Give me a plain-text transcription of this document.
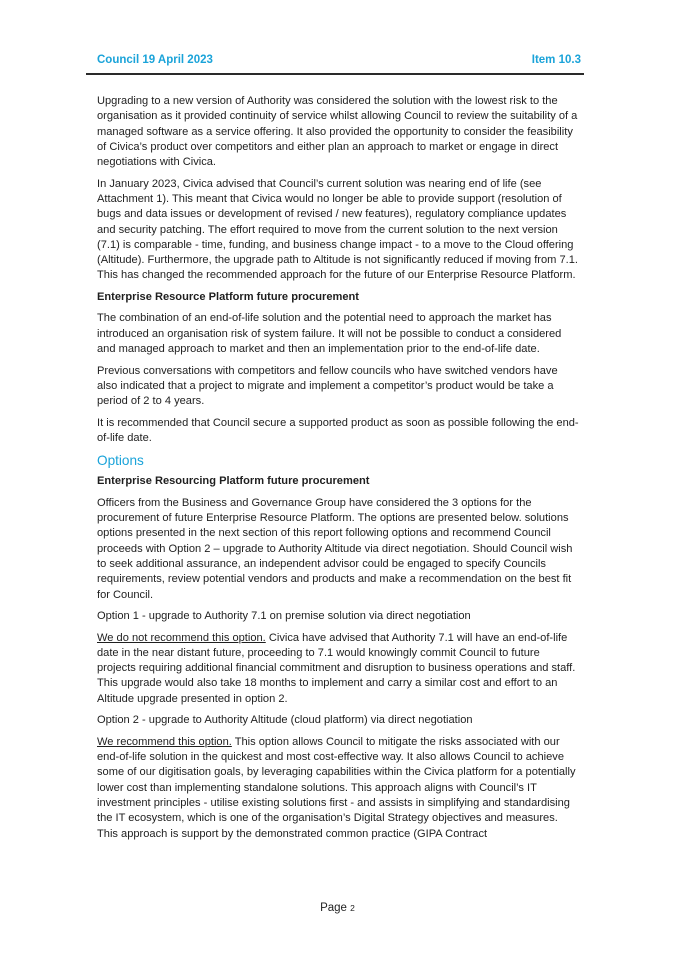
Council 19 April 2023	Item 10.3

Upgrading to a new version of Authority was considered the solution with the lowest risk to the organisation as it provided continuity of service whilst allowing Council to review the suitability of a managed software as a service offering. It also provided the opportunity to consider the feasibility of Civica’s product over competitors and either plan an approach to market or engage in direct negotiations with Civica.

In January 2023, Civica advised that Council’s current solution was nearing end of life (see Attachment 1). This meant that Civica would no longer be able to provide support (resolution of bugs and data issues or development of revised / new features), regulatory compliance updates and security patching. The effort required to move from the current solution to the next version (7.1) is comparable - time, funding, and business change impact - to a move to the Cloud offering (Altitude). Furthermore, the upgrade path to Altitude is not significantly reduced if moving from 7.1. This has changed the recommended approach for the future of our Enterprise Resource Platform.

Enterprise Resource Platform future procurement

The combination of an end-of-life solution and the potential need to approach the market has introduced an organisation risk of system failure. It will not be possible to conduct a considered and managed approach to market and then an implementation prior to the end-of-life date.

Previous conversations with competitors and fellow councils who have switched vendors have also indicated that a project to migrate and implement a competitor’s product would be take a period of 2 to 4 years.

It is recommended that Council secure a supported product as soon as possible following the end-of-life date.

Options

Enterprise Resourcing Platform future procurement

Officers from the Business and Governance Group have considered the 3 options for the procurement of future Enterprise Resource Platform. The options are presented below. solutions options presented in the next section of this report following options and recommend Council proceeds with Option 2 – upgrade to Authority Altitude via direct negotiation. Should Council wish to seek additional assurance, an independent advisor could be engaged to specify Councils requirements, review potential vendors and products and make a recommendation on the best fit for Council.

Option 1 - upgrade to Authority 7.1 on premise solution via direct negotiation

We do not recommend this option. Civica have advised that Authority 7.1 will have an end-of-life date in the near distant future, proceeding to 7.1 would knowingly commit Council to future projects requiring additional financial commitment and disruption to business operations and staff. This upgrade would also take 18 months to implement and carry a similar cost and effort to an Altitude upgrade presented in option 2.

Option 2 - upgrade to Authority Altitude (cloud platform) via direct negotiation

We recommend this option. This option allows Council to mitigate the risks associated with our end-of-life solution in the quickest and most cost-effective way. It also allows Council to achieve some of our digitisation goals, by leveraging capabilities within the Civica platform for a potentially lower cost than implementing standalone solutions. This approach aligns with Council’s IT investment principles - utilise existing solutions first - and assists in simplifying and standardising the IT ecosystem, which is one of the organisation’s Digital Strategy objectives and measures. This approach is support by the demonstrated common practice (GIPA Contract

Page 2
